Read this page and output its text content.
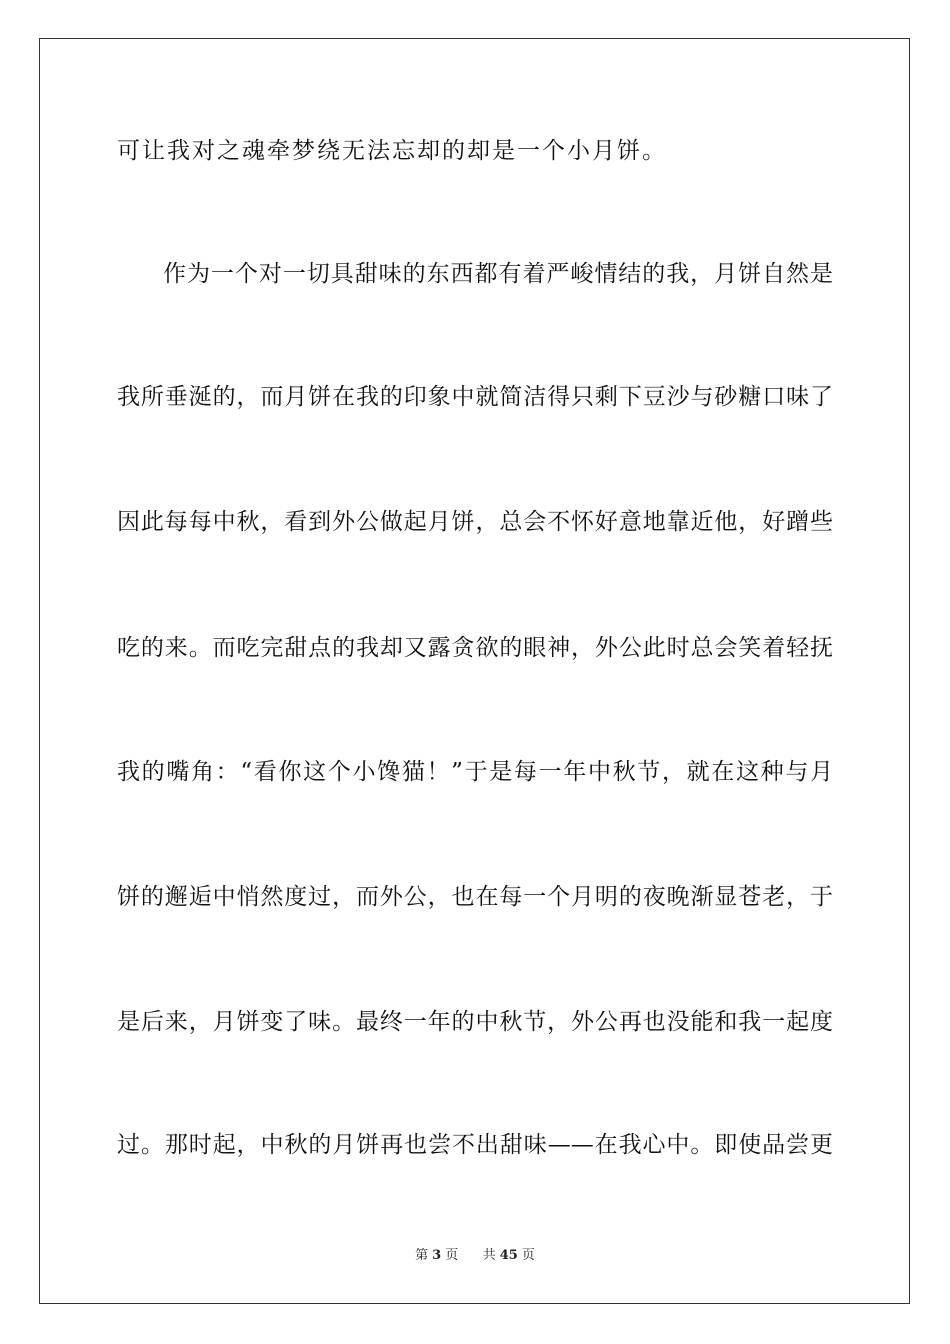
可让我对之魂牵梦绕无法忘却的却是一个小月饼。
作为一个对一切具甜味的东西都有着严峻情结的我，月饼自然是
我所垂涎的，而月饼在我的印象中就简洁得只剩下豆沙与砂糖口味了
因此每每中秋，看到外公做起月饼，总会不怀好意地靠近他，好蹭些
吃的来。而吃完甜点的我却又露贪欲的眼神，外公此时总会笑着轻抚
我的嘴角：“看你这个小馋猫！”于是每一年中秋节，就在这种与月
饼的邂逅中悄然度过，而外公，也在每一个月明的夜晚渐显苍老，于
是后来，月饼变了味。最终一年的中秋节，外公再也没能和我一起度
过。那时起，中秋的月饼再也尝不出甜味——在我心中。即使品尝更
第 3 页 共 45 页
